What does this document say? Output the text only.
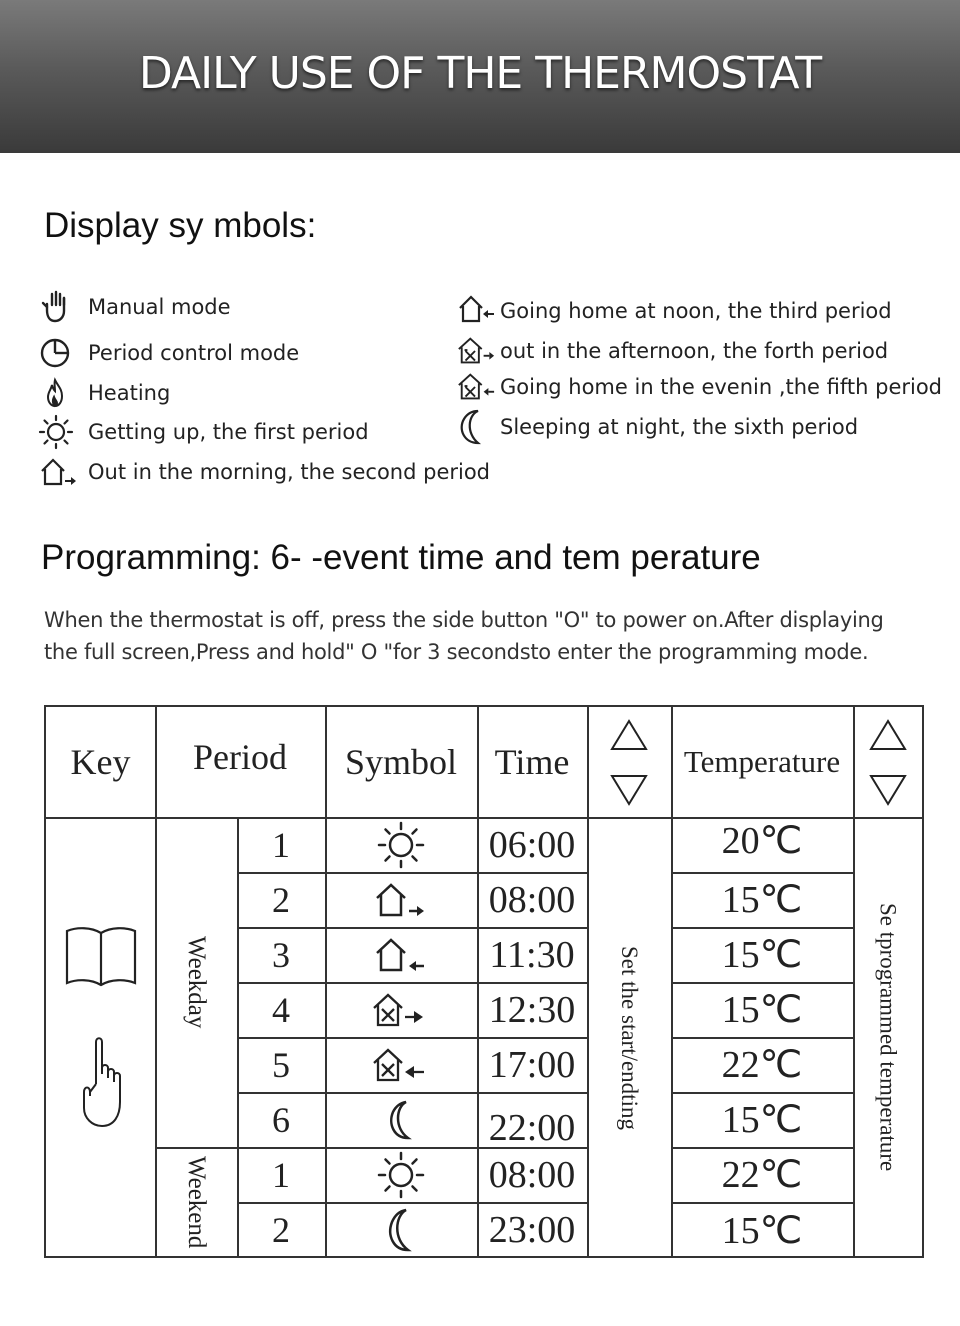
DAILY USE OF THE THERMOSTAT
Display sy mbols:
Manual mode
Period control mode
Heating
Getting up, the first period
Out in the morning, the second period
Going home at noon, the third period
out in the afternoon, the forth period
Going home in the evenin ,the fifth period
Sleeping at night, the sixth period
Programming: 6- -event time and tem perature
When the thermostat is off, press the side button "O" to power on.After displaying
the full screen,Press and hold" O "for 3 secondsto enter the programming mode.
Key	Period	Symbol	Time	Temperature
Weekday
Weekend
Set the start/endting	Se tprogrammed temperature
1	06:00	20℃
2	08:00	15℃
3	11:30	15℃
4	12:30	15℃
5	17:00	22℃
6	22:00	15℃
1	08:00	22℃
2	23:00	15℃
